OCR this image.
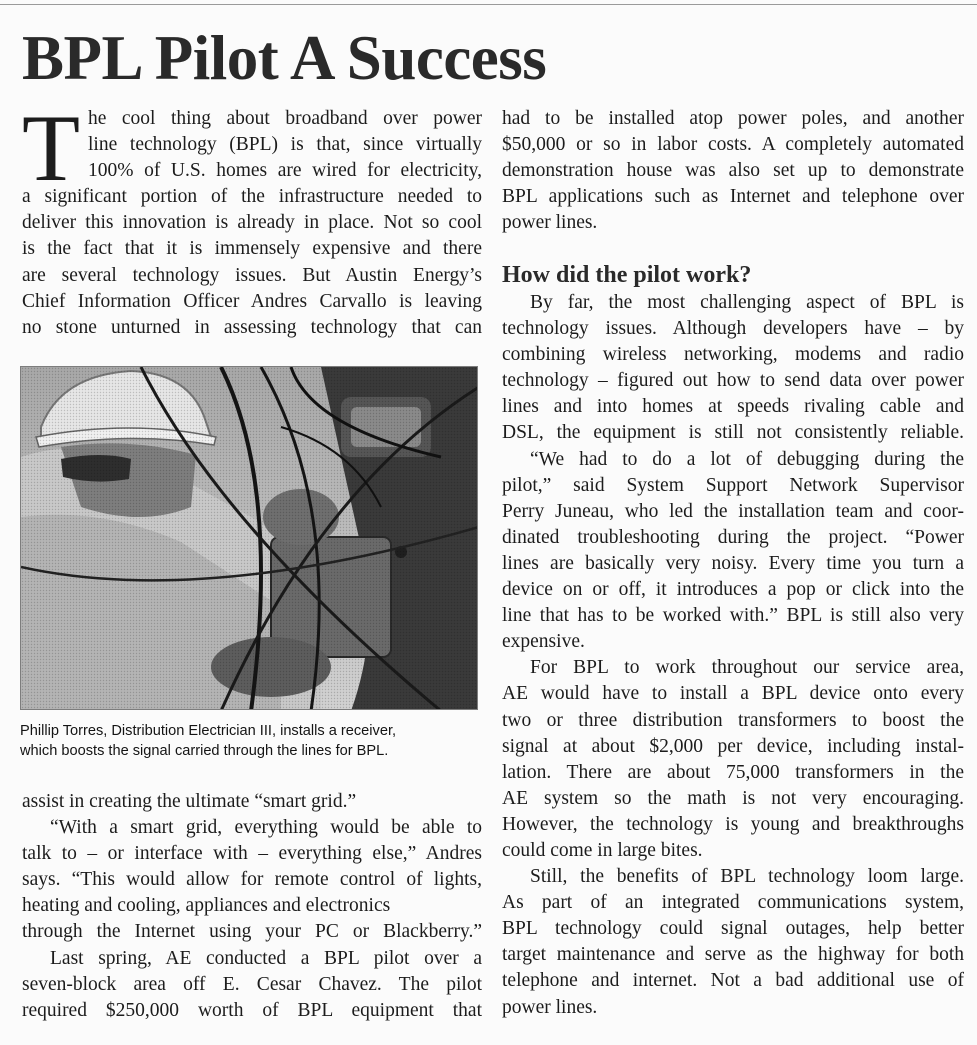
BPL Pilot A Success
T he cool thing about broadband over power
line technology (BPL) is that, since virtually
100% of U.S. homes are wired for electricity,
a significant portion of the infrastructure needed to
deliver this innovation is already in place. Not so cool
is the fact that it is immensely expensive and there
are several technology issues. But Austin Energy’s
Chief Information Officer Andres Carvallo is leaving
no stone unturned in assessing technology that can
Phillip Torres, Distribution Electrician III, installs a receiver,
which boosts the signal carried through the lines for BPL.
assist in creating the ultimate “smart grid.”
“With a smart grid, everything would be able to
talk to – or interface with – everything else,” Andres
says. “This would allow for remote control of lights,
heating and cooling, appliances and electronics
through the Internet using your PC or Blackberry.”
Last spring, AE conducted a BPL pilot over a
seven-block area off E. Cesar Chavez. The pilot
required $250,000 worth of BPL equipment that
had to be installed atop power poles, and another
$50,000 or so in labor costs. A completely automated
demonstration house was also set up to demonstrate
BPL applications such as Internet and telephone over
power lines.
How did the pilot work?
By far, the most challenging aspect of BPL is
technology issues. Although developers have – by
combining wireless networking, modems and radio
technology – figured out how to send data over power
lines and into homes at speeds rivaling cable and
DSL, the equipment is still not consistently reliable.
“We had to do a lot of debugging during the
pilot,” said System Support Network Supervisor
Perry Juneau, who led the installation team and coor-
dinated troubleshooting during the project. “Power
lines are basically very noisy. Every time you turn a
device on or off, it introduces a pop or click into the
line that has to be worked with.” BPL is still also very
expensive.
For BPL to work throughout our service area,
AE would have to install a BPL device onto every
two or three distribution transformers to boost the
signal at about $2,000 per device, including instal-
lation. There are about 75,000 transformers in the
AE system so the math is not very encouraging.
However, the technology is young and breakthroughs
could come in large bites.
Still, the benefits of BPL technology loom large.
As part of an integrated communications system,
BPL technology could signal outages, help better
target maintenance and serve as the highway for both
telephone and internet. Not a bad additional use of
power lines.
